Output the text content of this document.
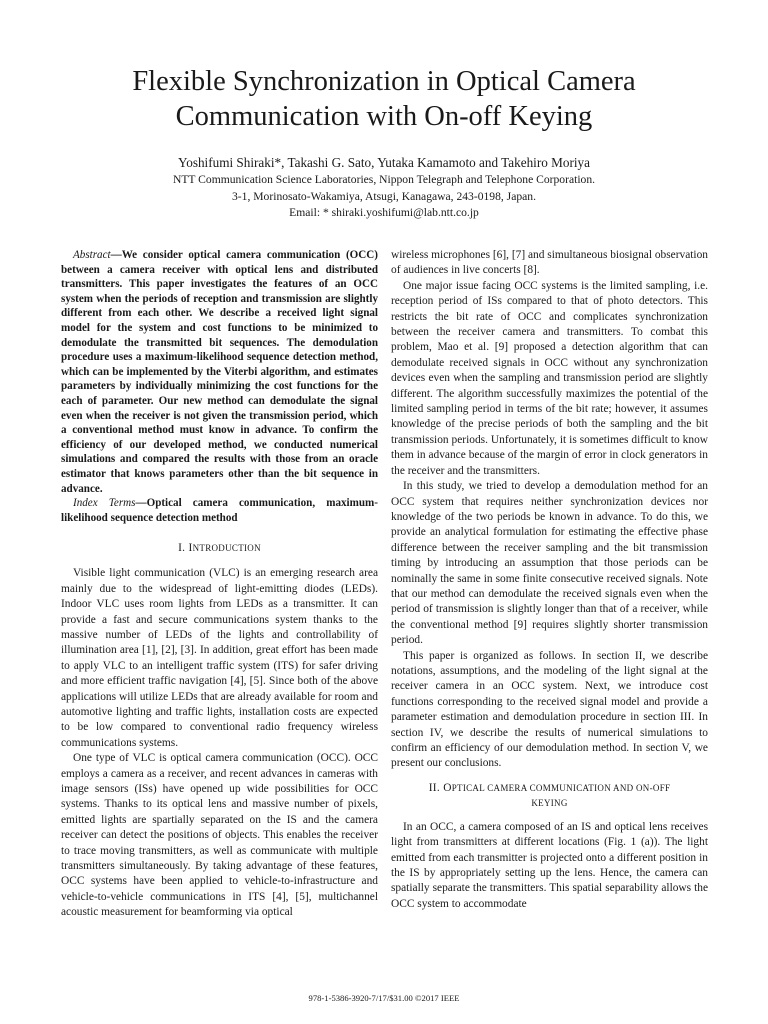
Flexible Synchronization in Optical Camera
Communication with On-off Keying
Yoshifumi Shiraki*, Takashi G. Sato, Yutaka Kamamoto and Takehiro Moriya
NTT Communication Science Laboratories, Nippon Telegraph and Telephone Corporation.
3-1, Morinosato-Wakamiya, Atsugi, Kanagawa, 243-0198, Japan.
Email: * shiraki.yoshifumi@lab.ntt.co.jp

Abstract—We consider optical camera communication (OCC) between a camera receiver with optical lens and distributed transmitters. This paper investigates the features of an OCC system when the periods of reception and transmission are slightly different from each other. We describe a received light signal model for the system and cost functions to be minimized to demodulate the transmitted bit sequences. The demodulation procedure uses a maximum-likelihood sequence detection method, which can be implemented by the Viterbi algorithm, and estimates parameters by individually minimizing the cost functions for the each of parameter. Our new method can demodulate the signal even when the receiver is not given the transmission period, which a conventional method must know in advance. To confirm the efficiency of our developed method, we conducted numerical simulations and compared the results with those from an oracle estimator that knows parameters other than the bit sequence in advance.

Index Terms—Optical camera communication, maximum-likelihood sequence detection method

I. INTRODUCTION

Visible light communication (VLC) is an emerging research area mainly due to the widespread of light-emitting diodes (LEDs). Indoor VLC uses room lights from LEDs as a transmitter. It can provide a fast and secure communications system thanks to the massive number of LEDs of the lights and controllability of illumination area [1], [2], [3]. In addition, great effort has been made to apply VLC to an intelligent traffic system (ITS) for safer driving and more efficient traffic navigation [4], [5]. Since both of the above applications will utilize LEDs that are already available for room and automotive lighting and traffic lights, installation costs are expected to be low compared to conventional radio frequency wireless communications systems.

One type of VLC is optical camera communication (OCC). OCC employs a camera as a receiver, and recent advances in cameras with image sensors (ISs) have opened up wide possibilities for OCC systems. Thanks to its optical lens and massive number of pixels, emitted lights are spartially separated on the IS and the camera receiver can detect the positions of objects. This enables the receiver to trace moving transmitters, as well as communicate with multiple transmitters simultaneously. By taking advantage of these features, OCC systems have been applied to vehicle-to-infrastructure and vehicle-to-vehicle communications in ITS [4], [5], multichannel acoustic measurement for beamforming via optical

wireless microphones [6], [7] and simultaneous biosignal observation of audiences in live concerts [8].

One major issue facing OCC systems is the limited sampling, i.e. reception period of ISs compared to that of photo detectors. This restricts the bit rate of OCC and complicates synchronization between the receiver camera and transmitters. To combat this problem, Mao et al. [9] proposed a detection algorithm that can demodulate received signals in OCC without any synchronization devices even when the sampling and transmission period are slightly different. The algorithm successfully maximizes the potential of the limited sampling period in terms of the bit rate; however, it assumes knowledge of the precise periods of both the sampling and the bit transmission periods. Unfortunately, it is sometimes difficult to know them in advance because of the margin of error in clock generators in the receiver and the transmitters.

In this study, we tried to develop a demodulation method for an OCC system that requires neither synchronization devices nor knowledge of the two periods be known in advance. To do this, we provide an analytical formulation for estimating the effective phase difference between the receiver sampling and the bit transmission timing by introducing an assumption that those periods can be nominally the same in some finite consecutive received signals. Note that our method can demodulate the received signals even when the period of transmission is slightly longer than that of a receiver, while the conventional method [9] requires slightly shorter transmission period.

This paper is organized as follows. In section II, we describe notations, assumptions, and the modeling of the light signal at the receiver camera in an OCC system. Next, we introduce cost functions corresponding to the received signal model and provide a parameter estimation and demodulation procedure in section III. In section IV, we describe the results of numerical simulations to confirm an efficiency of our demodulation method. In section V, we present our conclusions.

II. OPTICAL CAMERA COMMUNICATION AND ON-OFF
KEYING

In an OCC, a camera composed of an IS and optical lens receives light from transmitters at different locations (Fig. 1 (a)). The light emitted from each transmitter is projected onto a different position in the IS by appropriately setting up the lens. Hence, the camera can spatially separate the transmitters. This spatial separability allows the OCC system to accommodate

978-1-5386-3920-7/17/$31.00 ©2017 IEEE
